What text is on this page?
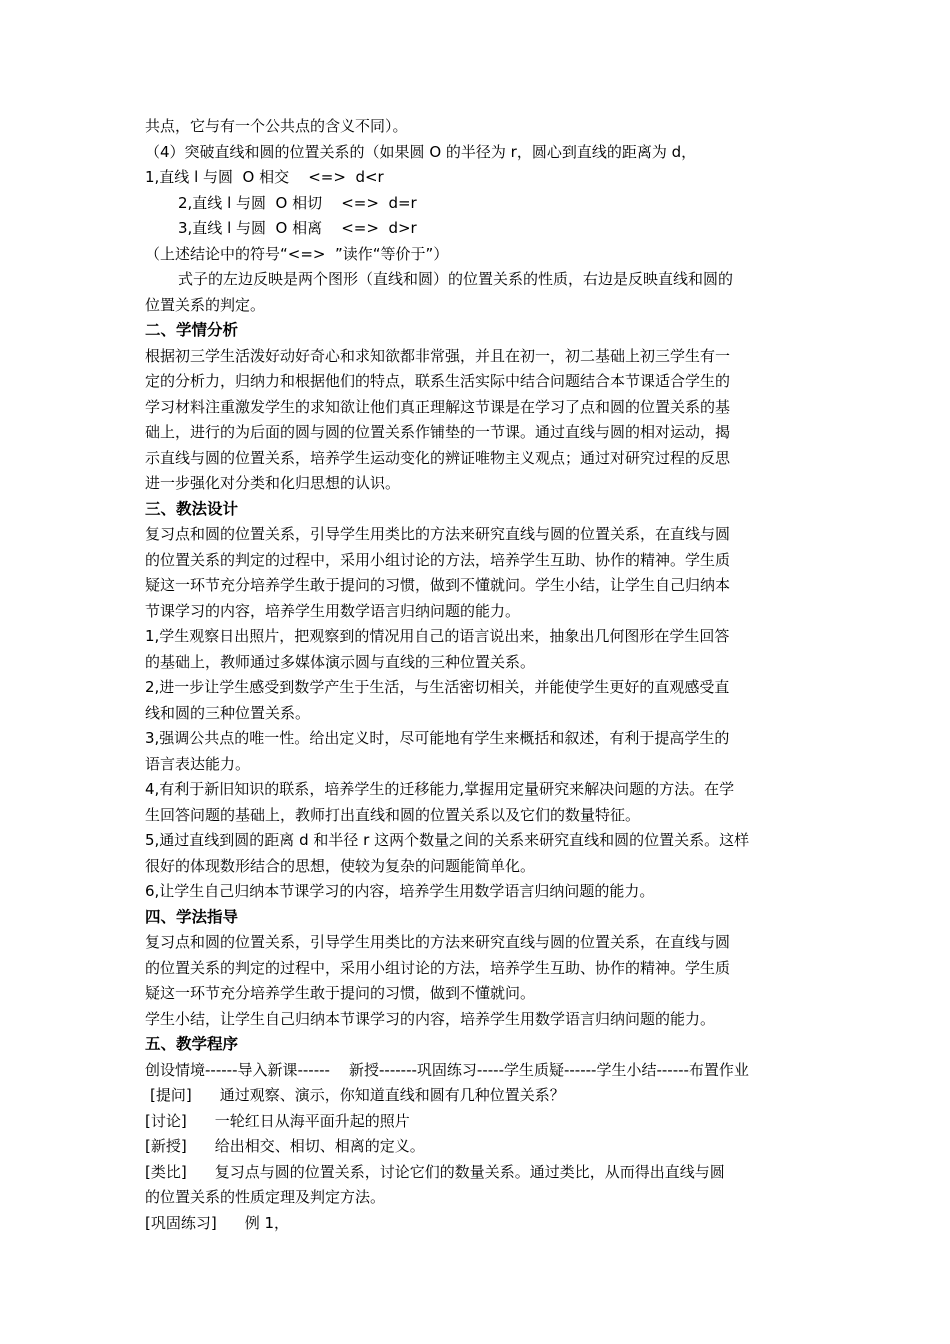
共点，它与有一个公共点的含义不同）。
（4）突破直线和圆的位置关系的（如果圆 O 的半径为 r，圆心到直线的距离为 d，
1,直线 l 与圆  O 相交    <=>  d<r
2,直线 l 与圆  O 相切    <=>  d=r
3,直线 l 与圆  O 相离    <=>  d>r
（上述结论中的符号“<=>  ”读作“等价于”）
式子的左边反映是两个图形（直线和圆）的位置关系的性质，右边是反映直线和圆的
位置关系的判定。
二、学情分析
根据初三学生活泼好动好奇心和求知欲都非常强，并且在初一，初二基础上初三学生有一
定的分析力，归纳力和根据他们的特点，联系生活实际中结合问题结合本节课适合学生的
学习材料注重激发学生的求知欲让他们真正理解这节课是在学习了点和圆的位置关系的基
础上，进行的为后面的圆与圆的位置关系作铺垫的一节课。通过直线与圆的相对运动，揭
示直线与圆的位置关系，培养学生运动变化的辨证唯物主义观点；通过对研究过程的反思
进一步强化对分类和化归思想的认识。
三、教法设计
复习点和圆的位置关系，引导学生用类比的方法来研究直线与圆的位置关系，在直线与圆
的位置关系的判定的过程中，采用小组讨论的方法，培养学生互助、协作的精神。学生质
疑这一环节充分培养学生敢于提问的习惯，做到不懂就问。学生小结，让学生自己归纳本
节课学习的内容，培养学生用数学语言归纳问题的能力。
1,学生观察日出照片，把观察到的情况用自己的语言说出来，抽象出几何图形在学生回答
的基础上，教师通过多媒体演示圆与直线的三种位置关系。
2,进一步让学生感受到数学产生于生活，与生活密切相关，并能使学生更好的直观感受直
线和圆的三种位置关系。
3,强调公共点的唯一性。给出定义时，尽可能地有学生来概括和叙述，有利于提高学生的
语言表达能力。
4,有利于新旧知识的联系，培养学生的迁移能力,掌握用定量研究来解决问题的方法。在学
生回答问题的基础上，教师打出直线和圆的位置关系以及它们的数量特征。
5,通过直线到圆的距离 d 和半径 r 这两个数量之间的关系来研究直线和圆的位置关系。这样
很好的体现数形结合的思想，使较为复杂的问题能简单化。
6,让学生自己归纳本节课学习的内容，培养学生用数学语言归纳问题的能力。
四、学法指导
复习点和圆的位置关系，引导学生用类比的方法来研究直线与圆的位置关系，在直线与圆
的位置关系的判定的过程中，采用小组讨论的方法，培养学生互助、协作的精神。学生质
疑这一环节充分培养学生敢于提问的习惯，做到不懂就问。
学生小结，让学生自己归纳本节课学习的内容，培养学生用数学语言归纳问题的能力。
五、教学程序
创设情境------导入新课------    新授-------巩固练习-----学生质疑------学生小结------布置作业
[提问] 通过观察、演示，你知道直线和圆有几种位置关系？
[讨论] 一轮红日从海平面升起的照片
[新授] 给出相交、相切、相离的定义。
[类比] 复习点与圆的位置关系，讨论它们的数量关系。通过类比，从而得出直线与圆
的位置关系的性质定理及判定方法。
[巩固练习] 例 1，
